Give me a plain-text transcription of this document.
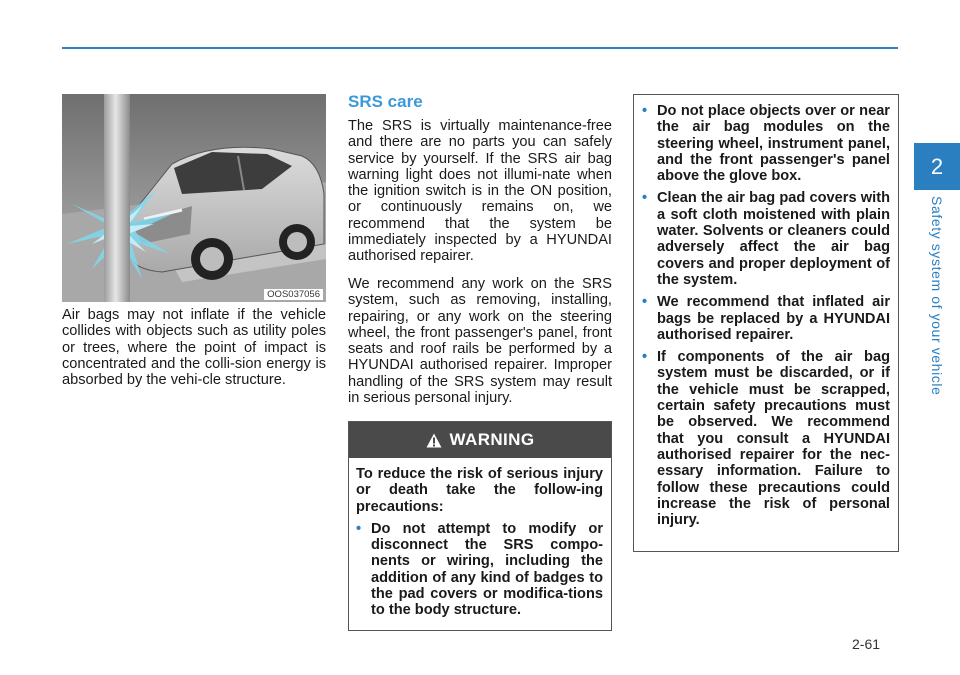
2
Safety system of your vehicle
OOS037056
Air bags may not inflate if the vehicle collides with objects such as utility poles or trees, where the point of impact is concentrated and the colli-sion energy is absorbed by the vehi-cle structure.
SRS care
The SRS is virtually maintenance-free and there are no parts you can safely service by yourself. If the SRS air bag warning light does not illumi-nate when the ignition switch is in the ON position, or continuously remains on, we recommend that the system be immediately inspected by a HYUNDAI authorised repairer.
We recommend any work on the SRS system, such as removing, installing, repairing, or any work on the steering wheel, the front passenger's panel, front seats and roof rails be performed by a HYUNDAI authorised repairer. Improper handling of the SRS system may result in serious personal injury.
WARNING
To reduce the risk of serious injury or death take the follow-ing precautions:
• Do not attempt to modify or disconnect the SRS compo-nents or wiring, including the addition of any kind of badges to the pad covers or modifica-tions to the body structure.
• Do not place objects over or near the air bag modules on the steering wheel, instrument panel, and the front passenger's panel above the glove box.
• Clean the air bag pad covers with a soft cloth moistened with plain water. Solvents or cleaners could adversely affect the air bag covers and proper deployment of the system.
• We recommend that inflated air bags be replaced by a HYUNDAI authorised repairer.
• If components of the air bag system must be discarded, or if the vehicle must be scrapped, certain safety precautions must be observed. We recommend that you consult a HYUNDAI authorised repairer for the nec-essary information. Failure to follow these precautions could increase the risk of personal injury.
2-61
